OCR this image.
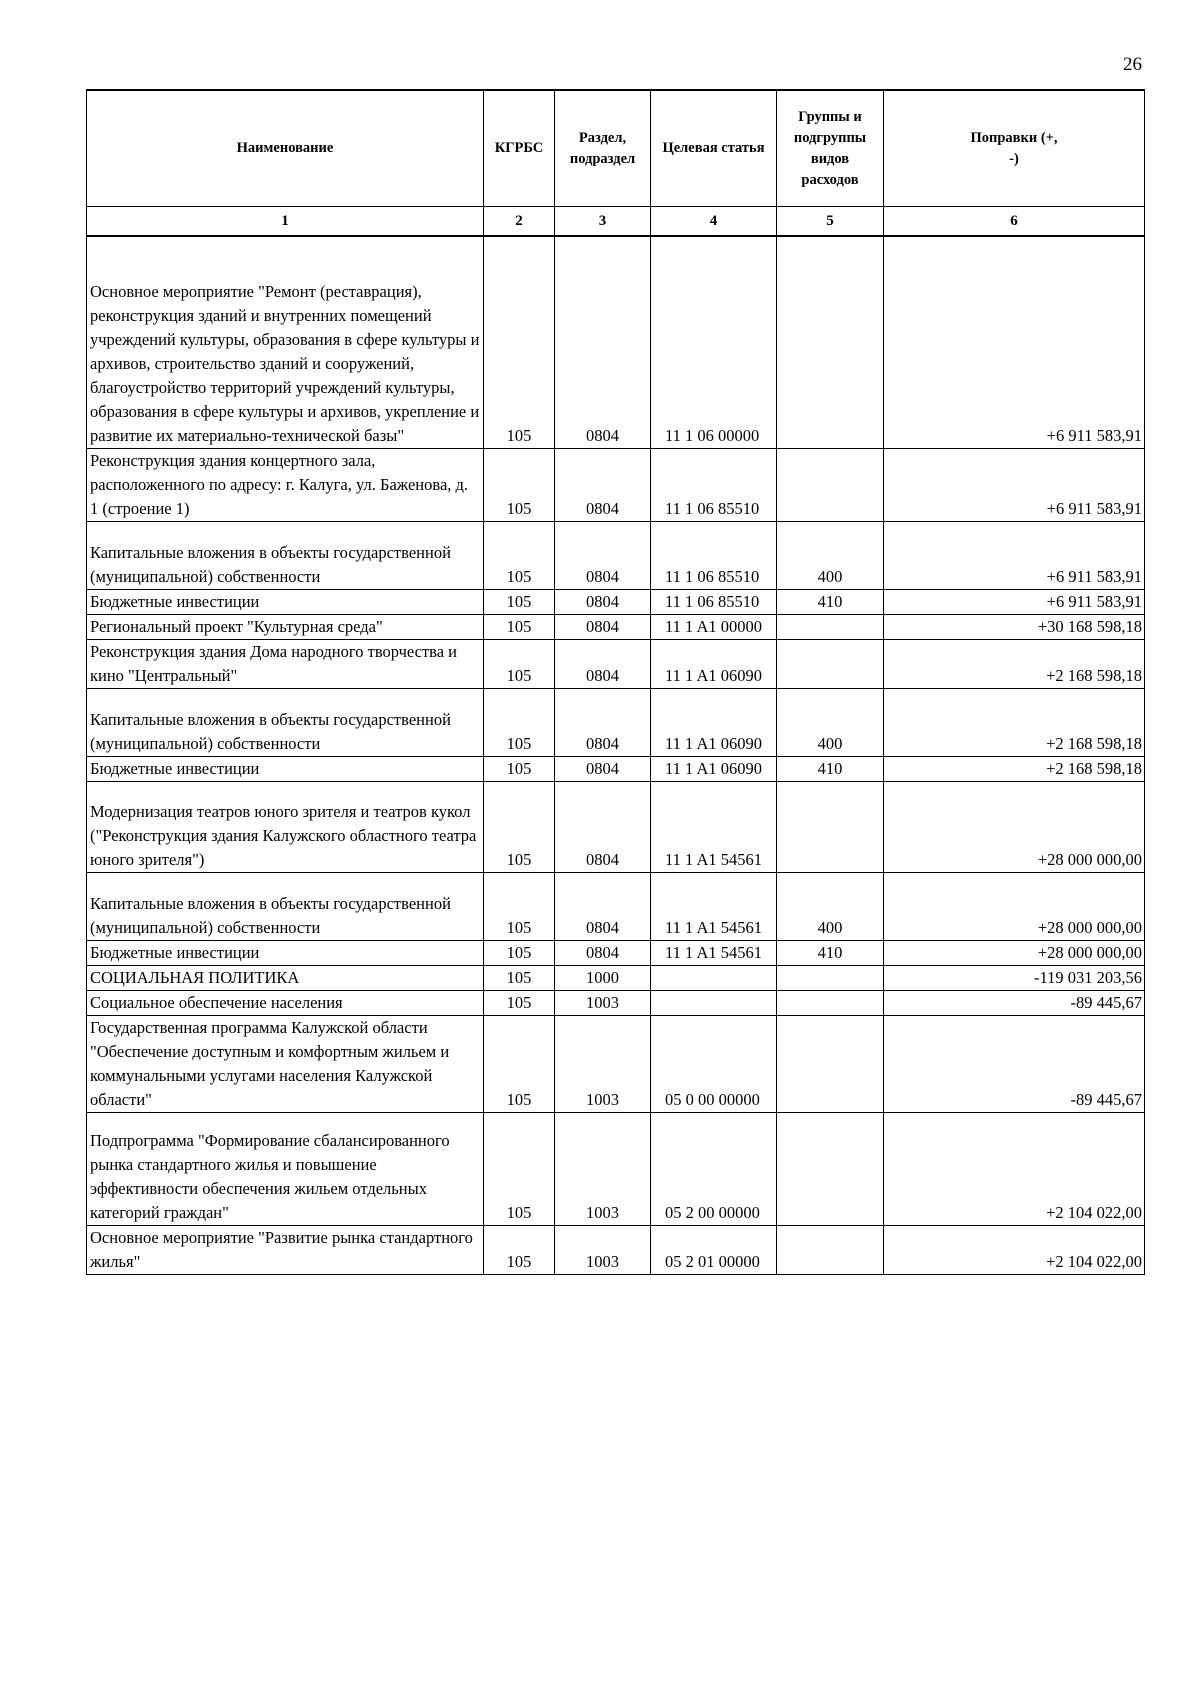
26
Наименование	КГРБС	Раздел, подраздел	Целевая статья	Группы и подгруппы видов расходов	Поправки (+, -)

1	2	3	4	5	6
Основное мероприятие "Ремонт (реставрация), реконструкция зданий и внутренних помещений учреждений культуры, образования в сфере культуры и архивов, строительство зданий и сооружений, благоустройство территорий учреждений культуры, образования в сфере культуры и архивов, укрепление и развитие их материально-технической базы"	105	0804	11 1 06 00000		+6 911 583,91
Реконструкция здания концертного зала, расположенного по адресу: г. Калуга, ул. Баженова, д. 1 (строение 1)	105	0804	11 1 06 85510		+6 911 583,91
Капитальные вложения в объекты государственной (муниципальной) собственности	105	0804	11 1 06 85510	400	+6 911 583,91
Бюджетные инвестиции	105	0804	11 1 06 85510	410	+6 911 583,91
Региональный проект "Культурная среда"	105	0804	11 1 A1 00000		+30 168 598,18
Реконструкция здания Дома народного творчества и кино "Центральный"	105	0804	11 1 A1 06090		+2 168 598,18
Капитальные вложения в объекты государственной (муниципальной) собственности	105	0804	11 1 A1 06090	400	+2 168 598,18
Бюджетные инвестиции	105	0804	11 1 A1 06090	410	+2 168 598,18
Модернизация театров юного зрителя и театров кукол ("Реконструкция здания Калужского областного театра юного зрителя")	105	0804	11 1 A1 54561		+28 000 000,00
Капитальные вложения в объекты государственной (муниципальной) собственности	105	0804	11 1 A1 54561	400	+28 000 000,00
Бюджетные инвестиции	105	0804	11 1 A1 54561	410	+28 000 000,00
СОЦИАЛЬНАЯ ПОЛИТИКА	105	1000			-119 031 203,56
Социальное обеспечение населения	105	1003			-89 445,67
Государственная программа Калужской области "Обеспечение доступным и комфортным жильем и коммунальными услугами населения Калужской области"	105	1003	05 0 00 00000		-89 445,67
Подпрограмма "Формирование сбалансированного рынка стандартного жилья и повышение эффективности обеспечения жильем отдельных категорий граждан"	105	1003	05 2 00 00000		+2 104 022,00
Основное мероприятие "Развитие рынка стандартного жилья"	105	1003	05 2 01 00000		+2 104 022,00
